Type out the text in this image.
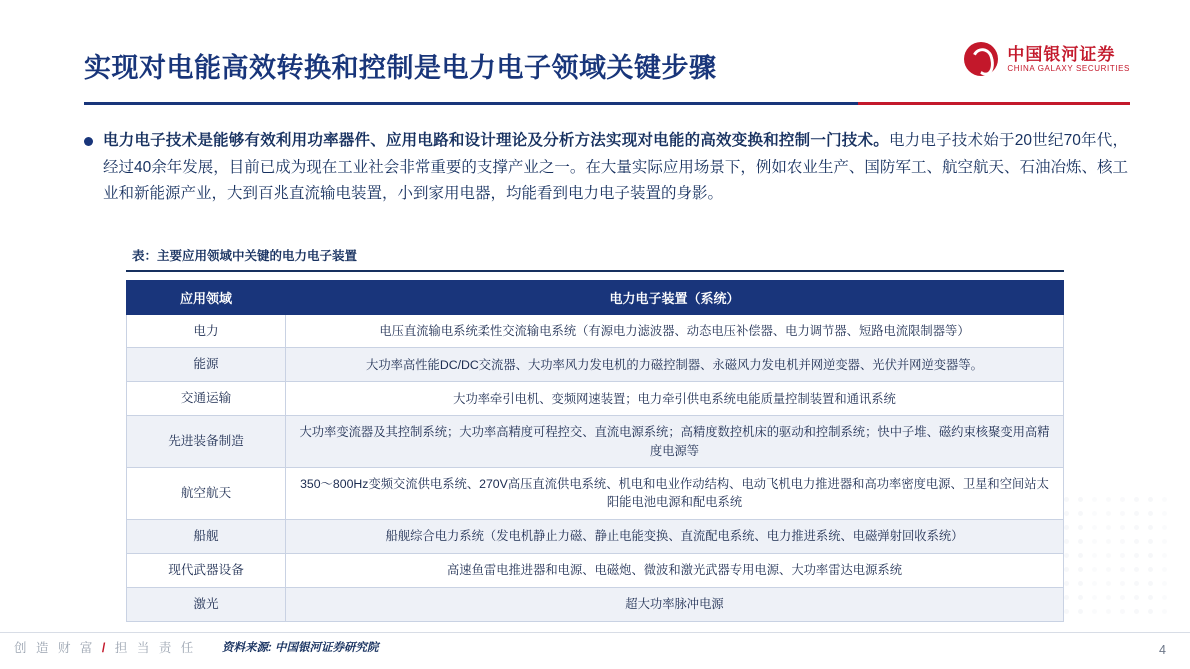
实现对电能高效转换和控制是电力电子领域关键步骤	中国银河证券
CHINA GALAXY SECURITIES
电力电子技术是能够有效利用功率器件、应用电路和设计理论及分析方法实现对电能的高效变换和控制一门技术。电力电子技术始于20世纪70年代，经过40余年发展，目前已成为现在工业社会非常重要的支撑产业之一。在大量实际应用场景下，例如农业生产、国防军工、航空航天、石油冶炼、核工业和新能源产业，大到百兆直流输电装置，小到家用电器，均能看到电力电子装置的身影。
表：主要应用领域中关键的电力电子装置
应用领域	电力电子装置（系统）
电力	电压直流输电系统柔性交流输电系统（有源电力滤波器、动态电压补偿器、电力调节器、短路电流限制器等）
能源	大功率高性能DC/DC交流器、大功率风力发电机的力磁控制器、永磁风力发电机并网逆变器、光伏并网逆变器等。
交通运输	大功率牵引电机、变频网速装置；电力牵引供电系统电能质量控制装置和通讯系统
先进装备制造	大功率变流器及其控制系统；大功率高精度可程控交、直流电源系统；高精度数控机床的驱动和控制系统；快中子堆、磁约束核聚变用高精度电源等
航空航天	350～800Hz变频交流供电系统、270V高压直流供电系统、机电和电业作动结构、电动飞机电力推进器和高功率密度电源、卫星和空间站太阳能电池电源和配电系统
船舰	船舰综合电力系统（发电机静止力磁、静止电能变换、直流配电系统、电力推进系统、电磁弹射回收系统）
现代武器设备	高速鱼雷电推进器和电源、电磁炮、微波和激光武器专用电源、大功率雷达电源系统
激光	超大功率脉冲电源
创 造 财 富 / 担 当 责 任 资料来源: 中国银河证券研究院	4
